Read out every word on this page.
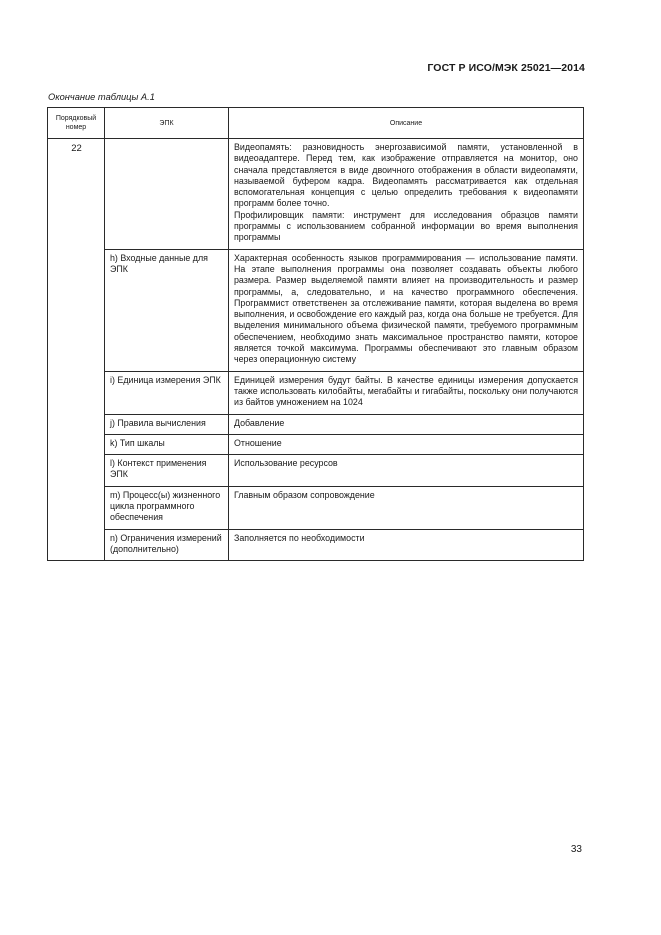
ГОСТ Р ИСО/МЭК 25021—2014
Окончание таблицы А.1
Порядковый номер	ЭПК	Описание
22		Видеопамять: разновидность энергозависимой памяти, установленной в видеоадаптере. Перед тем, как изображение отправляется на монитор, оно сначала представляется в виде двоичного отображения в области видеопамяти, называемой буфером кадра. Видеопамять рассматривается как отдельная вспомогательная концепция с целью определить требования к видеопамяти программ более точно.

Профилировщик памяти: инструмент для исследования образцов памяти программы с использованием собранной информации во время выполнения программы

	h) Входные данные для ЭПК	Характерная особенность языков программирования — использование памяти. На этапе выполнения программы она позволяет создавать объекты любого размера. Размер выделяемой памяти влияет на производительность и размер программы, а, следовательно, и на качество программного обеспечения. Программист ответственен за отслеживание памяти, которая выделена во время выполнения, и освобождение его каждый раз, когда она больше не требуется. Для выделения минимального объема физической памяти, требуемого программным обеспечением, необходимо знать максимальное пространство памяти, которое является точкой максимума. Программы обеспечивают это главным образом через операционную систему

	i) Единица измерения ЭПК	Единицей измерения будут байты. В качестве единицы измерения допускается также использовать килобайты, мегабайты и гигабайты, поскольку они получаются из байтов умножением на 1024

	j) Правила вычисления	Добавление

	k) Тип шкалы	Отношение

	l) Контекст применения ЭПК	Использование ресурсов

	m) Процесс(ы) жизненного цикла программного обеспечения	Главным образом сопровождение

	n) Ограничения измерений (дополнительно)	Заполняется по необходимости

33
